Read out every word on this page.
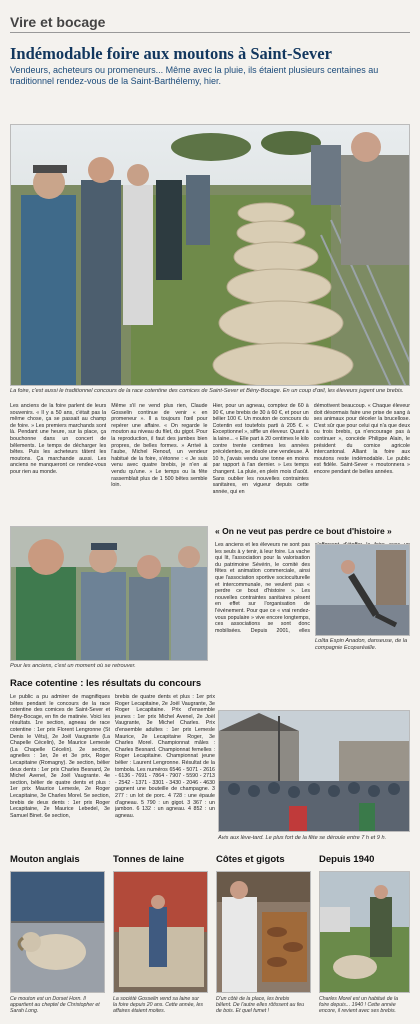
Vire et bocage
Indémodable foire aux moutons à Saint-Sever

Vendeurs, acheteurs ou promeneurs... Même avec la pluie, ils étaient plusieurs centaines au traditionnel rendez-vous de la Saint-Barthélemy, hier.

La foire, c'est aussi le traditionnel concours de la race cotentine des comices de Saint-Sever et Bény-Bocage. En un coup d'œil, les éleveurs jugent une brebis.
Les anciens de la foire parlent de leurs souvenirs. « Il y a 50 ans, c'était pas la même chose, ça se passait au champ de foire. » Les premiers marchands sont là. Pendant une heure, sur la place, ça bouchonne dans un concert de bêlements. Le temps de décharger les bêtes. Puis les acheteurs tâtent les moutons. Ça marchande aussi. Les anciens ne manqueront ce rendez-vous pour rien au monde.
Même s'il ne vend plus rien, Claude Gosselin continue de venir « en promeneur ». Il a toujours l'œil pour repérer une affaire. « On regarde le mouton au niveau du filet, du gigot. Pour la reproduction, il faut des jambes bien propres, de belles formes. » Arrivé à l'aube, Michel Renouf, un vendeur habitué de la foire, s'étonne : « Je suis venu avec quatre brebis, je n'en ai vendu qu'une. » Le temps ou la fête rassemblait plus de 1 500 bêtes semble loin.
Hier, pour un agneau, comptez de 60 à 90 €, une brebis de 30 à 60 €, et pour un bélier 100 €. Un mouton de concours du Cotentin est toutefois parti à 205 €. « Exceptionnel », siffle un éleveur. Quant à la laine... « Elle part à 20 centimes le kilo contre trente centimes les années précédentes, se désole une vendeuse. À 10 h, j'avais vendu une tonne en moins par rapport à l'an dernier. » Les temps changent. La pluie, en plein mois d'août. Sans oublier les nouvelles contraintes sanitaires, en vigueur depuis cette année, qui en
démotivent beaucoup. « Chaque éleveur doit désormais faire une prise de sang à ses animaux pour déceler la brucellose. C'est sûr que pour celui qui n'a que deux ou trois brebis, ça n'encourage pas à continuer », concède Philippe Alain, le président du comice agricole intercantonal. Alliant la foire aux moutons reste indémodable. Le public est fidèle. Saint-Sever « moutonnera » encore pendant de belles années.
Pour les anciens, c'est un moment où se retrouver.
« On ne veut pas perdre ce bout d'histoire »
Les anciens et les éleveurs ne sont pas les seuls à y tenir, à leur foire. La vache qui lit, l'association pour la valorisation du patrimoine Sévérin, le comité des fêtes et animation commerciale, ainsi que l'association sportive socioculturelle et intercommunale, ne veulent pas « perdre ce bout d'histoire ». Les nouvelles contraintes sanitaires pèsent en effet sur l'organisation de l'événement. Pour que ce « vrai rendez-vous populaire » vive encore longtemps, ces associations se sont donc mobilisées. Depuis 2001, elles
Lolita Espin Anadon, danseuse, de la compagnie Ecoparéaille.
Race cotentine : les résultats du concours
Le public a pu admirer de magnifiques bêtes pendant le concours de la race cotentine des comices de Saint-Sever et Bény-Bocage, en fin de matinée. Voici les résultats. 1re section, agneau de race cotentine : 1er prix Florent Lengronne (St Denis le Vêtu), 2e Joël Vaugrante (La Chapelle Cécelin), 3e Maurice Lemesle (La Chapelle Cécelin). 2e section, agnelles : 1er, 2e et 3e prix, Roger Lecapitaine (Romagny). 3e section, bélier deux dents : 1er prix Charles Besnard, 2e Michel Avenel, 3e Joël Vaugrante. 4e section, bélier de quatre dents et plus : 1er prix Maurice Lemesle, 2e Roger Lecapitaine, 3e Charles Morel. 5e section, brebis de deux dents : 1er prix Roger Lecapitaine, 2e Maurice Lebedel, 3e Samuel Binet. 6e section,
brebis de quatre dents et plus : 1er prix Roger Lecapitaine, 2e Joël Vaugrante, 3e Roger Lecapitaine. Prix d'ensemble jeunes : 1er prix Michel Avenel, 2e Joël Vaugrante, 3e Michel Charles. Prix d'ensemble adultes : 1er prix Lemesle Maurice, 2e Lecapitaine Roger, 3e Charles Morel. Championnat mâles : Charles Besnard. Championnat femelles : Roger Lecapitaine. Championnat jeune bélier : Laurent Lengronne. Résultat de la tombola. Les numéros 6546 - 5071 - 2616 - 6136 - 7691 - 7864 - 7907 - 5590 - 2713 - 2542 - 1371 - 3301 - 3430 - 2046 - 4630 gagnent une bouteille de champagne. 3 277 : un lot de porc. 4 728 : une épaule d'agneau. 5 790 : un gigot. 3 367 : un jambon. 6 132 : un agneau. 4 852 : un agneau.
Avis aux lève-tard. Le plus fort de la fête se déroule entre 7 h et 9 h.
Mouton anglais	Tonnes de laine	Côtes et gigots	Depuis 1940
Ce mouton est un Dorset Horn. Il appartient au cheptel de Christopher et Sarah Long.
La société Gosselin vend sa laine sur la foire depuis 20 ans. Cette année, les affaires étaient moites.
D'un côté de la place, les brebis bêlent. De l'autre elles rôtissent au feu de bois. Et quel fumet !
Charles Morel est un habitué de la foire depuis... 1940 ! Cette année encore, il revient avec ses brebis.
